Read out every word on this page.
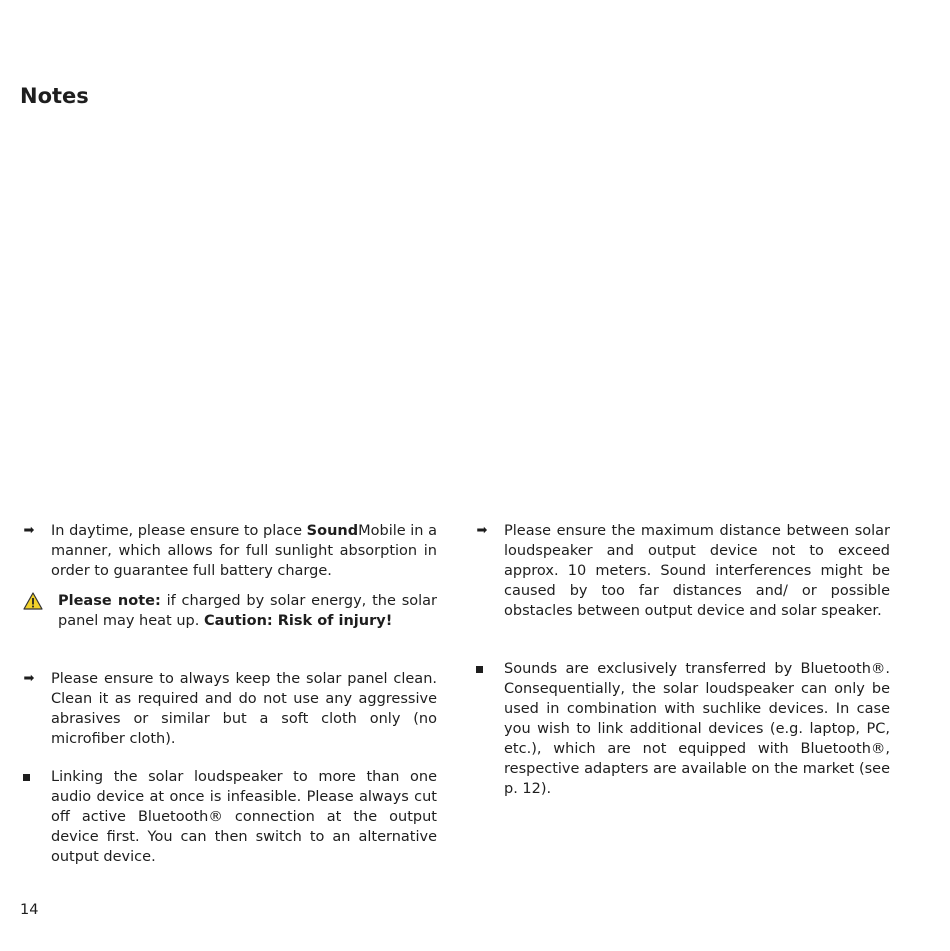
Notes
➡	In daytime, please ensure to place SoundMobile in a manner, which allows for full sunlight absorption in order to guarantee full battery charge.
Please note: if charged by solar energy, the solar panel may heat up. Caution: Risk of injury!
➡	Please ensure to always keep the solar panel clean. Clean it as required and do not use any aggressive abrasives or similar but a soft cloth only (no microfiber cloth).
Linking the solar loudspeaker to more than one audio device at once is infeasible. Please always cut off active Bluetooth® connection at the output device first. You can then switch to an alternative output device.
➡	Please ensure the maximum distance between solar loudspeaker and output device not to exceed approx. 10 meters. Sound interferences might be caused by too far distances and/ or possible obstacles between output device and solar speaker.
Sounds are exclusively transferred by Bluetooth®. Consequentially, the solar loudspeaker can only be used in combination with suchlike devices. In case you wish to link additional devices (e.g. laptop, PC, etc.), which are not equipped with Bluetooth®, respective adapters are available on the market (see p. 12).
14
